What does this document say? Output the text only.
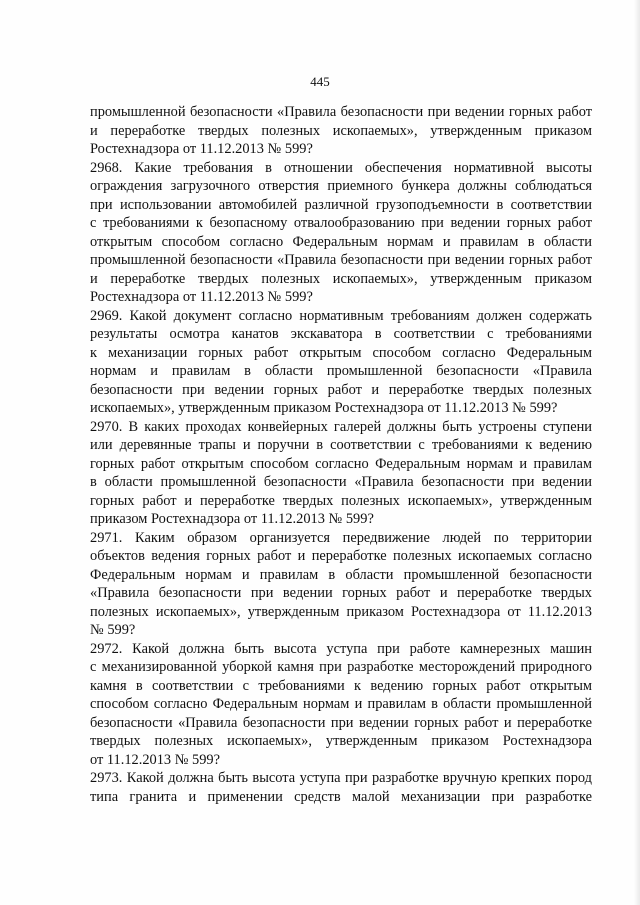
445
промышленной безопасности «Правила безопасности при ведении горных работ
и переработке твердых полезных ископаемых», утвержденным приказом
Ростехнадзора от 11.12.2013 № 599?
2968. Какие требования в отношении обеспечения нормативной высоты
ограждения загрузочного отверстия приемного бункера должны соблюдаться
при использовании автомобилей различной грузоподъемности в соответствии
с требованиями к безопасному отвалообразованию при ведении горных работ
открытым способом согласно Федеральным нормам и правилам в области
промышленной безопасности «Правила безопасности при ведении горных работ
и переработке твердых полезных ископаемых», утвержденным приказом
Ростехнадзора от 11.12.2013 № 599?
2969. Какой документ согласно нормативным требованиям должен содержать
результаты осмотра канатов экскаватора в соответствии с требованиями
к механизации горных работ открытым способом согласно Федеральным
нормам и правилам в области промышленной безопасности «Правила
безопасности при ведении горных работ и переработке твердых полезных
ископаемых», утвержденным приказом Ростехнадзора от 11.12.2013 № 599?
2970. В каких проходах конвейерных галерей должны быть устроены ступени
или деревянные трапы и поручни в соответствии с требованиями к ведению
горных работ открытым способом согласно Федеральным нормам и правилам
в области промышленной безопасности «Правила безопасности при ведении
горных работ и переработке твердых полезных ископаемых», утвержденным
приказом Ростехнадзора от 11.12.2013 № 599?
2971. Каким образом организуется передвижение людей по территории
объектов ведения горных работ и переработке полезных ископаемых согласно
Федеральным нормам и правилам в области промышленной безопасности
«Правила безопасности при ведении горных работ и переработке твердых
полезных ископаемых», утвержденным приказом Ростехнадзора от 11.12.2013
№ 599?
2972. Какой должна быть высота уступа при работе камнерезных машин
с механизированной уборкой камня при разработке месторождений природного
камня в соответствии с требованиями к ведению горных работ открытым
способом согласно Федеральным нормам и правилам в области промышленной
безопасности «Правила безопасности при ведении горных работ и переработке
твердых полезных ископаемых», утвержденным приказом Ростехнадзора
от 11.12.2013 № 599?
2973. Какой должна быть высота уступа при разработке вручную крепких пород
типа гранита и применении средств малой механизации при разработке
